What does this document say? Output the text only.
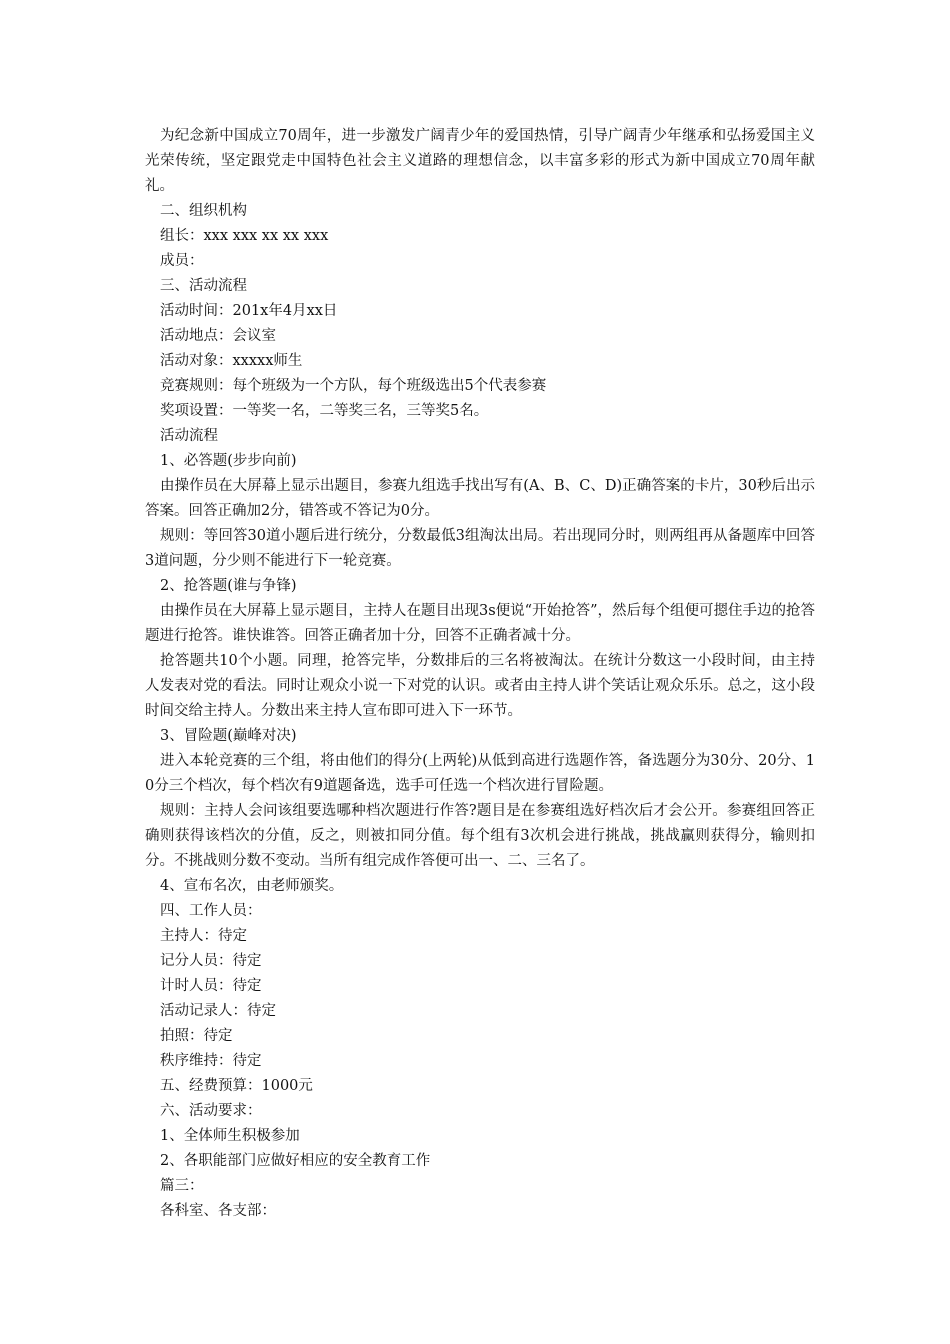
为纪念新中国成立70周年，进一步激发广阔青少年的爱国热情，引导广阔青少年继承和弘扬爱国主义光荣传统，坚定跟党走中国特色社会主义道路的理想信念，以丰富多彩的形式为新中国成立70周年献礼。

二、组织机构

组长：xxx xxx xx xx xxx

成员：

三、活动流程

活动时间：201x年4月xx日

活动地点：会议室

活动对象：xxxxx师生

竞赛规则：每个班级为一个方队，每个班级选出5个代表参赛

奖项设置：一等奖一名，二等奖三名，三等奖5名。

活动流程

1、必答题(步步向前)

由操作员在大屏幕上显示出题目，参赛九组选手找出写有(A、B、C、D)正确答案的卡片，30秒后出示答案。回答正确加2分，错答或不答记为0分。

规则：等回答30道小题后进行统分，分数最低3组淘汰出局。若出现同分时，则两组再从备题库中回答3道问题，分少则不能进行下一轮竞赛。

2、抢答题(谁与争锋)

由操作员在大屏幕上显示题目，主持人在题目出现3s便说“开始抢答”，然后每个组便可摁住手边的抢答题进行抢答。谁快谁答。回答正确者加十分，回答不正确者减十分。

抢答题共10个小题。同理，抢答完毕，分数排后的三名将被淘汰。在统计分数这一小段时间，由主持人发表对党的看法。同时让观众小说一下对党的认识。或者由主持人讲个笑话让观众乐乐。总之，这小段时间交给主持人。分数出来主持人宣布即可进入下一环节。

3、冒险题(巅峰对决)

进入本轮竞赛的三个组，将由他们的得分(上两轮)从低到高进行选题作答，备选题分为30分、20分、10分三个档次，每个档次有9道题备选，选手可任选一个档次进行冒险题。

规则：主持人会问该组要选哪种档次题进行作答?题目是在参赛组选好档次后才会公开。参赛组回答正确则获得该档次的分值，反之，则被扣同分值。每个组有3次机会进行挑战，挑战赢则获得分，输则扣分。不挑战则分数不变动。当所有组完成作答便可出一、二、三名了。

4、宣布名次，由老师颁奖。

四、工作人员：

主持人：待定

记分人员：待定

计时人员：待定

活动记录人：待定

拍照：待定

秩序维持：待定

五、经费预算：1000元

六、活动要求：

1、全体师生积极参加

2、各职能部门应做好相应的安全教育工作

篇三：

各科室、各支部：
